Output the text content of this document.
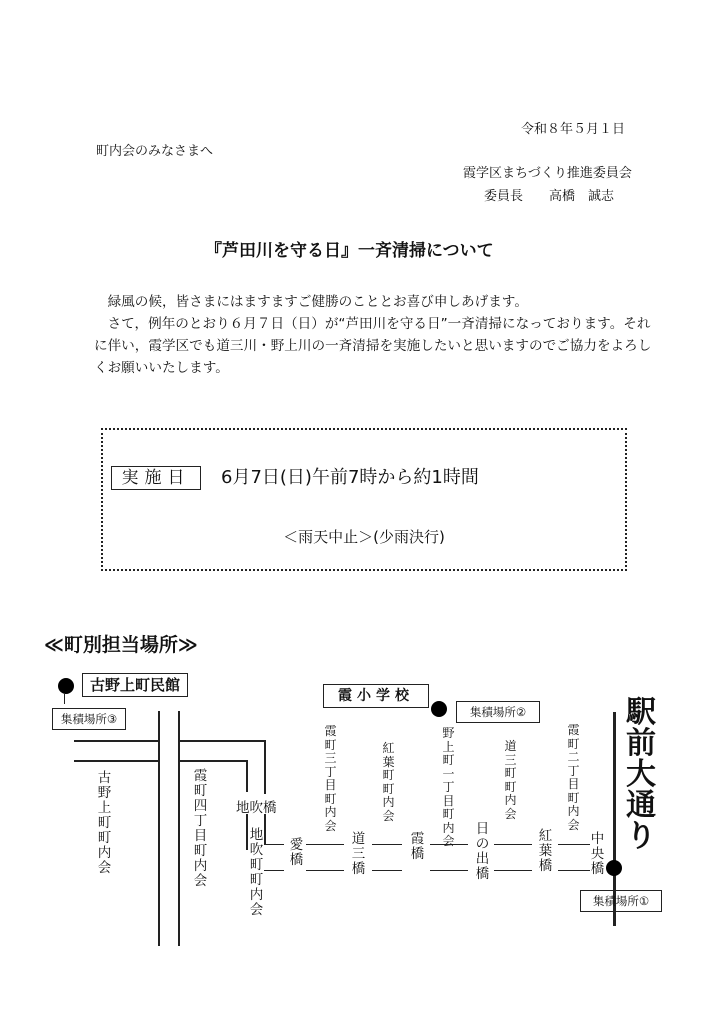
令和８年５月１日
町内会のみなさまへ
霞学区まちづくり推進委員会
委員長　　高橋　誠志
『芦田川を守る日』一斉清掃について

　緑風の候，皆さまにはますますご健勝のこととお喜び申しあげます。

　さて，例年のとおり６月７日（日）が“芦田川を守る日”一斉清掃になっております。それに伴い，霞学区でも道三川・野上川の一斉清掃を実施したいと思いますのでご協力をよろしくお願いいたします。

実施日	6月7日(日)午前7時から約1時間
＜雨天中止＞(少雨決行)
≪町別担当場所≫
古野上町民館
集積場所③
霞小学校
集積場所②	駅前大通り
集積場所①
古野上町町内会
霞町四丁目町内会
地吹町町内会
霞町三丁目町内会
紅葉町町内会
野上町一丁目町内会
道三町町内会
霞町二丁目町内会
地吹橋
愛橋
道三橋
霞橋
日の出橋
紅葉橋
中央橋
